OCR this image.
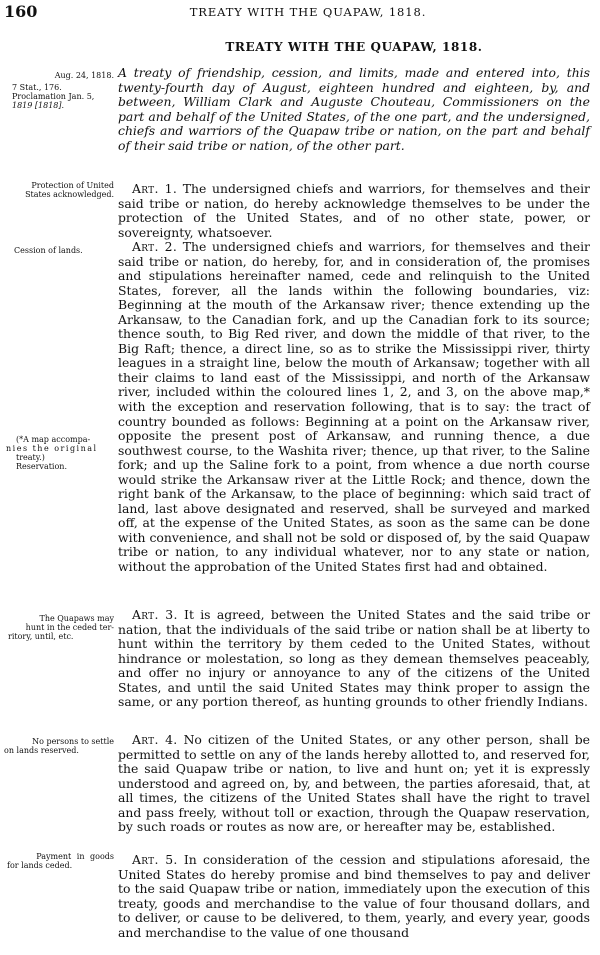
160	TREATY WITH THE QUAPAW, 1818.
TREATY WITH THE QUAPAW, 1818.
Aug. 24, 1818.
7 Stat., 176.
Proclamation Jan. 5,
1819 [1818].
Protection of United
States acknowledged.
Cession of lands.
(*A map accompa-
nies the original
treaty.)
Reservation.
The Quapaws may
hunt in the ceded ter-
ritory, until, etc.
No persons to settle
on lands reserved.
Payment in goods
for lands ceded.

A treaty of friendship, cession, and limits, made and entered into, this twenty-fourth day of August, eighteen hundred and eighteen, by, and between, William Clark and Auguste Chouteau, Commissioners on the part and behalf of the United States, of the one part, and the undersigned, chiefs and warriors of the Quapaw tribe or nation, on the part and behalf of their said tribe or nation, of the other part.

Art. 1. The undersigned chiefs and warriors, for themselves and their said tribe or nation, do hereby acknowledge themselves to be under the protection of the United States, and of no other state, power, or sovereignty, whatsoever.

Art. 2. The undersigned chiefs and warriors, for themselves and their said tribe or nation, do hereby, for, and in consideration of, the promises and stipulations hereinafter named, cede and relinquish to the United States, forever, all the lands within the following boundaries, viz: Beginning at the mouth of the Arkansaw river; thence extending up the Arkansaw, to the Canadian fork, and up the Canadian fork to its source; thence south, to Big Red river, and down the middle of that river, to the Big Raft; thence, a direct line, so as to strike the Mississippi river, thirty leagues in a straight line, below the mouth of Arkansaw; together with all their claims to land east of the Mississippi, and north of the Arkansaw river, included within the coloured lines 1, 2, and 3, on the above map,* with the exception and reservation following, that is to say: the tract of country bounded as follows: Beginning at a point on the Arkansaw river, opposite the present post of Arkansaw, and running thence, a due southwest course, to the Washita river; thence, up that river, to the Saline fork; and up the Saline fork to a point, from whence a due north course would strike the Arkansaw river at the Little Rock; and thence, down the right bank of the Arkansaw, to the place of beginning: which said tract of land, last above designated and reserved, shall be surveyed and marked off, at the expense of the United States, as soon as the same can be done with convenience, and shall not be sold or disposed of, by the said Quapaw tribe or nation, to any individual whatever, nor to any state or nation, without the approbation of the United States first had and obtained.

Art. 3. It is agreed, between the United States and the said tribe or nation, that the individuals of the said tribe or nation shall be at liberty to hunt within the territory by them ceded to the United States, without hindrance or molestation, so long as they demean themselves peaceably, and offer no injury or annoyance to any of the citizens of the United States, and until the said United States may think proper to assign the same, or any portion thereof, as hunting grounds to other friendly Indians.

Art. 4. No citizen of the United States, or any other person, shall be permitted to settle on any of the lands hereby allotted to, and reserved for, the said Quapaw tribe or nation, to live and hunt on; yet it is expressly understood and agreed on, by, and between, the parties aforesaid, that, at all times, the citizens of the United States shall have the right to travel and pass freely, without toll or exaction, through the Quapaw reservation, by such roads or routes as now are, or hereafter may be, established.

Art. 5. In consideration of the cession and stipulations aforesaid, the United States do hereby promise and bind themselves to pay and deliver to the said Quapaw tribe or nation, immediately upon the execution of this treaty, goods and merchandise to the value of four thousand dollars, and to deliver, or cause to be delivered, to them, yearly, and every year, goods and merchandise to the value of one thousand
